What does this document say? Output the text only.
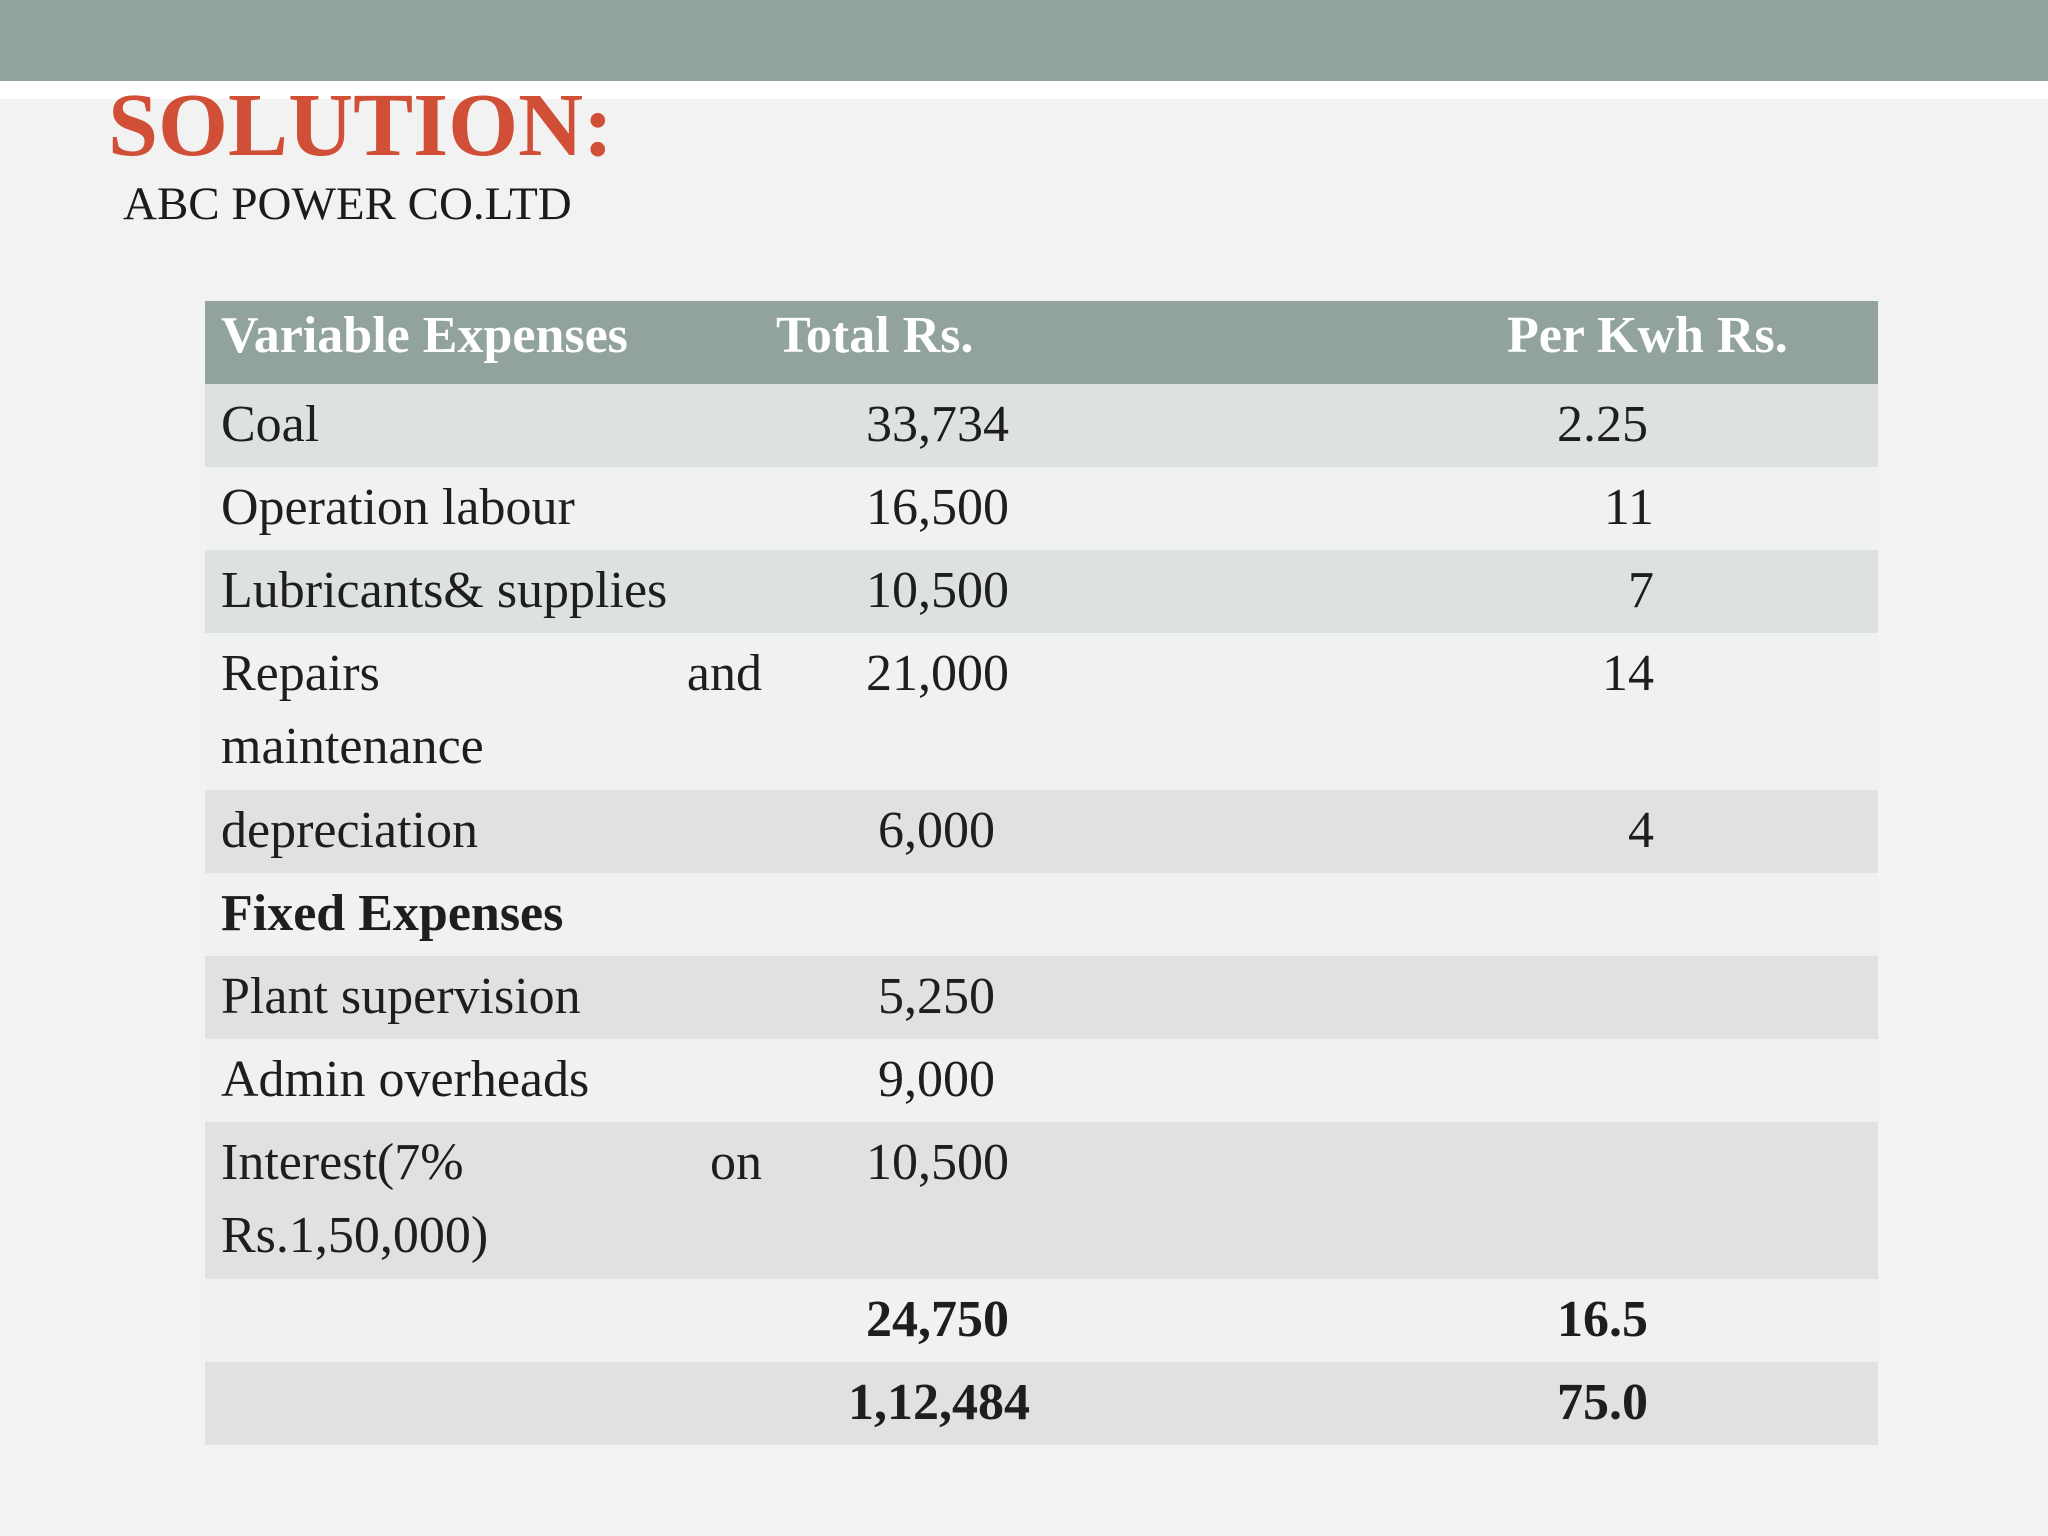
SOLUTION:
ABC POWER CO.LTD
Variable Expenses	Total Rs.	Per Kwh Rs.
Coal	33,734	2.25
Operation labour	16,500	11
Lubricants& supplies	10,500	7

Repairs and
maintenance	21,000	14
depreciation	6,000	4
Fixed Expenses		
Plant supervision	5,250	
Admin overheads	9,000	

Interest(7% on
Rs.1,50,000)	10,500	
	24,750	16.5
	1,12,484	75.0
